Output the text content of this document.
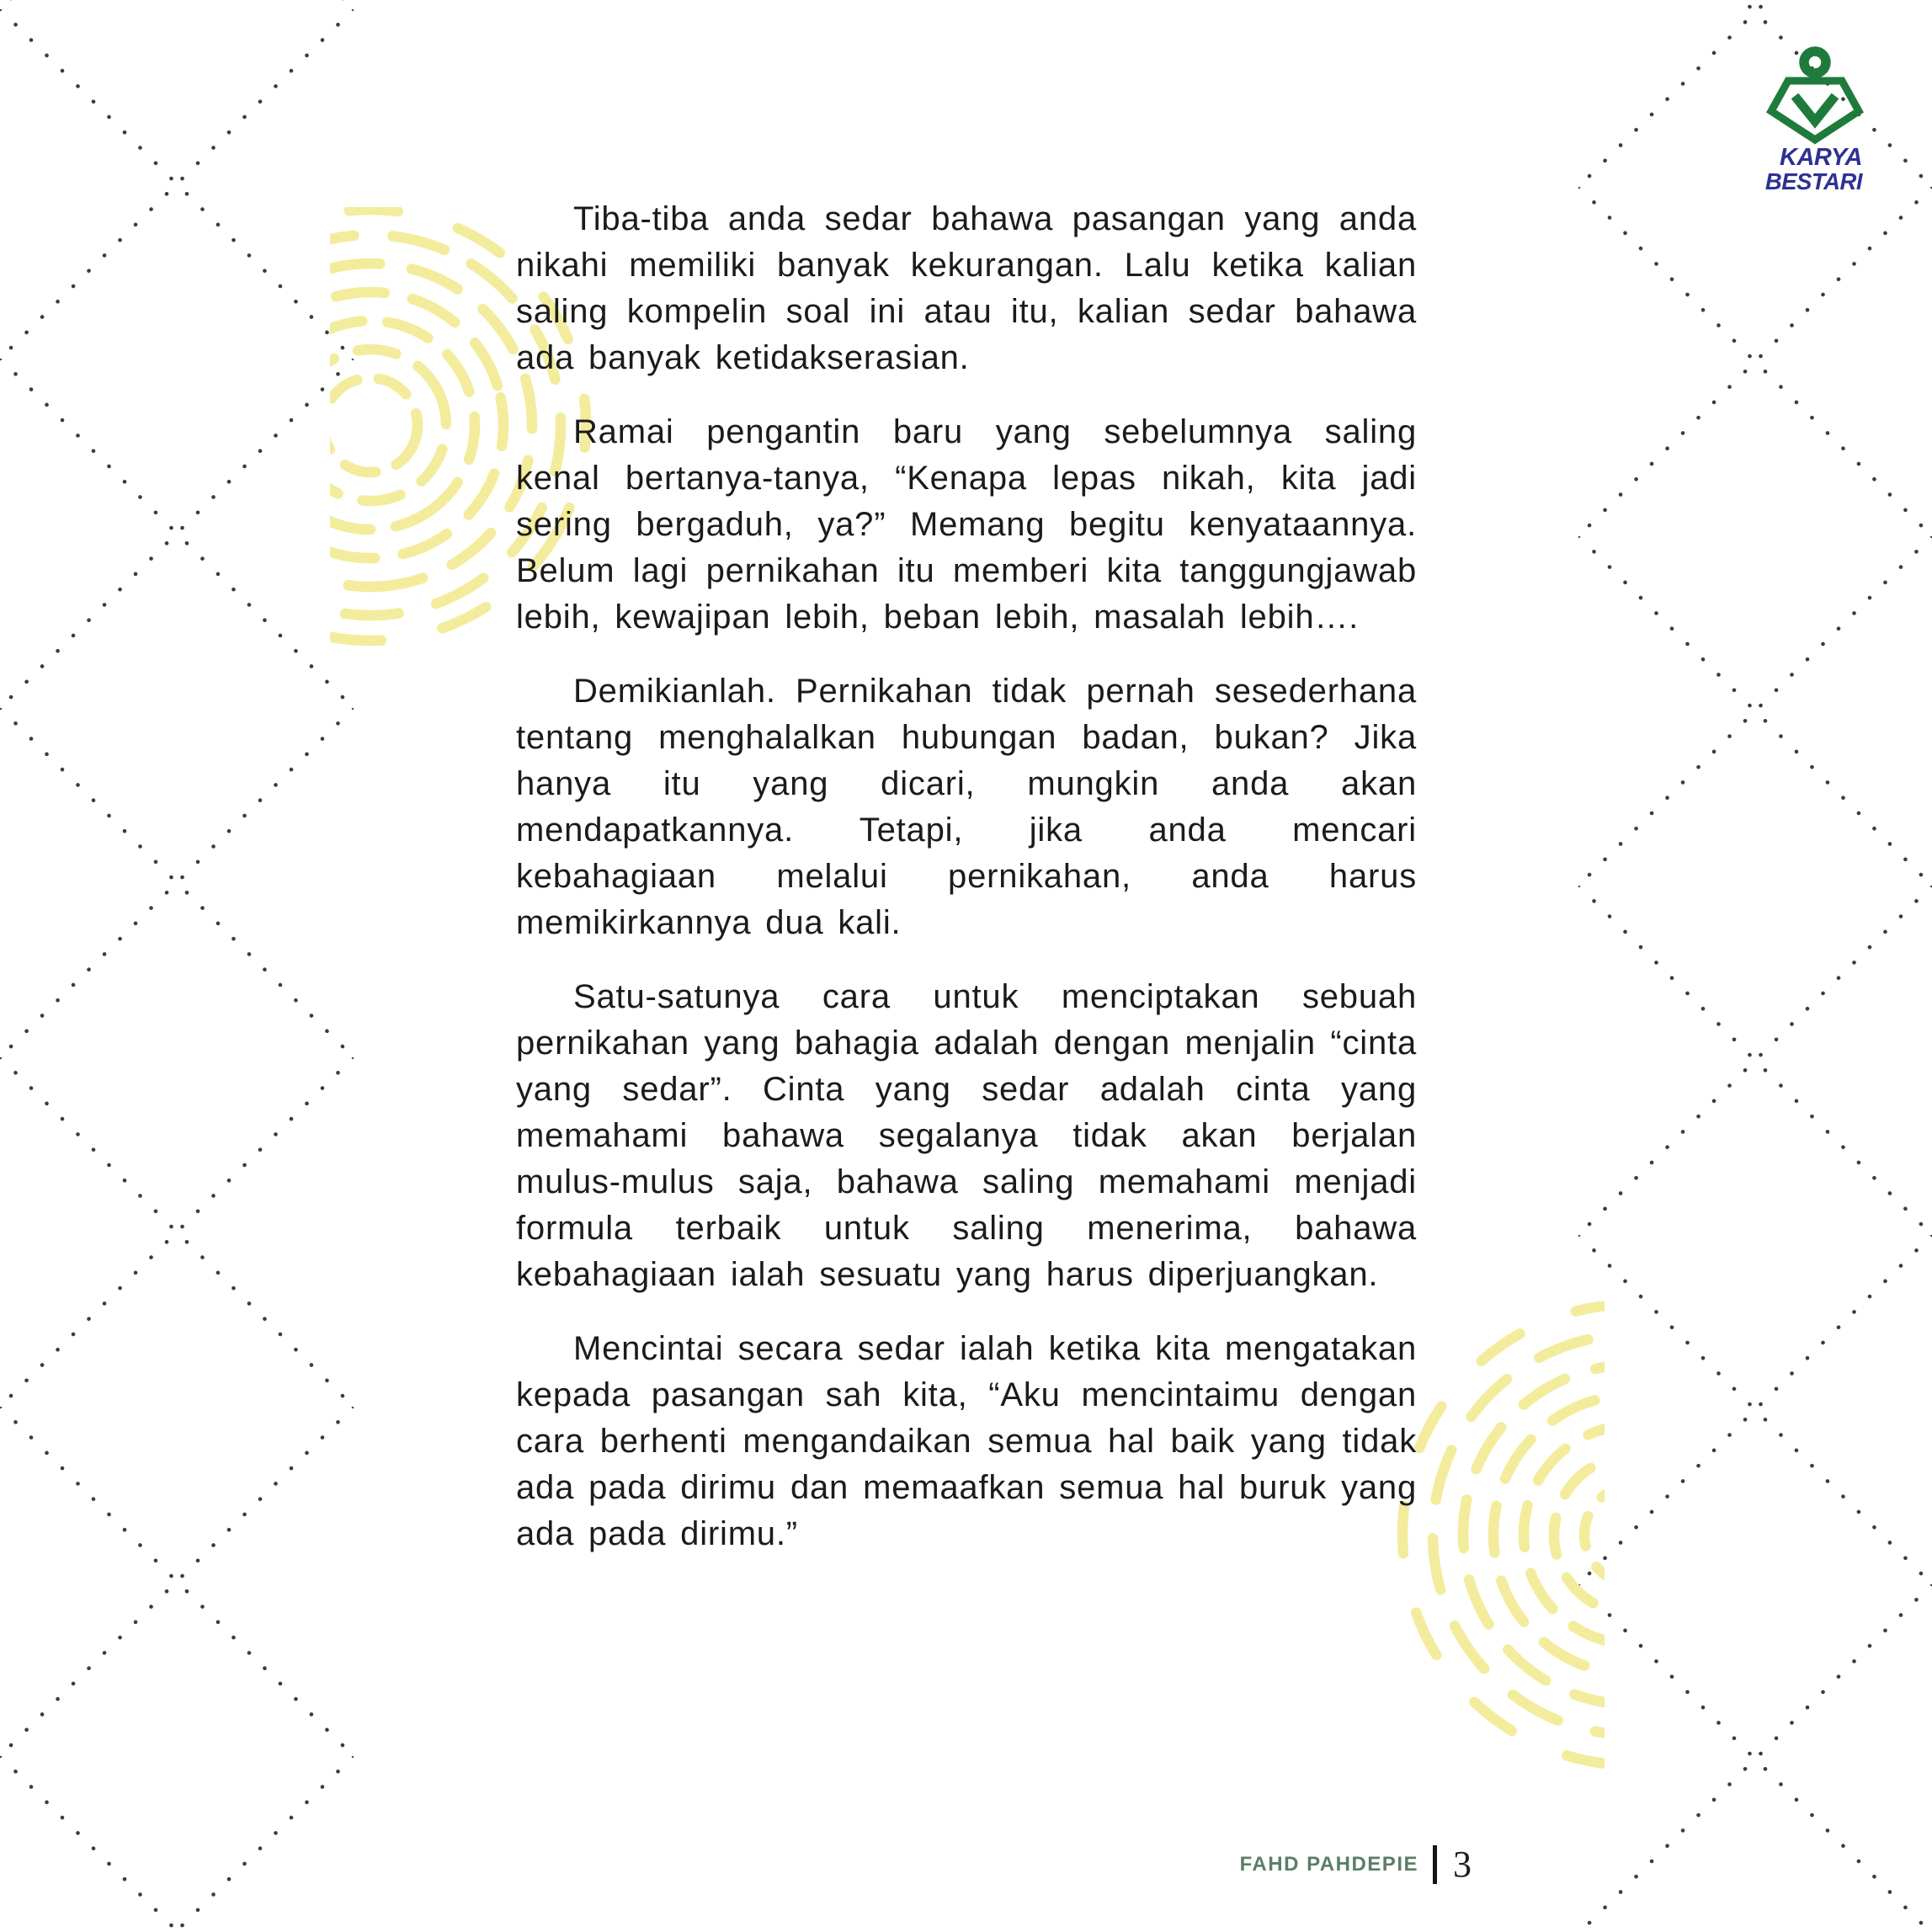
KARYA
BESTARI

Tiba-tiba anda sedar bahawa pasangan yang anda nikahi memiliki banyak kekurangan. Lalu ketika kalian saling kompelin soal ini atau itu, kalian sedar bahawa ada banyak ketidakserasian.

Ramai pengantin baru yang sebelumnya saling kenal bertanya-tanya, “Kenapa lepas nikah, kita jadi sering bergaduh, ya?” Memang begitu kenyataannya. Belum lagi pernikahan itu memberi kita tanggungjawab lebih, kewajipan lebih, beban lebih, masalah lebih….

Demikianlah. Pernikahan tidak pernah sesederhana tentang menghalalkan hubungan badan, bukan? Jika hanya itu yang dicari, mungkin anda akan mendapatkannya. Tetapi, jika anda mencari kebahagiaan melalui pernikahan, anda harus memikirkannya dua kali.

Satu-satunya cara untuk menciptakan sebuah pernikahan yang bahagia adalah dengan menjalin “cinta yang sedar”. Cinta yang sedar adalah cinta yang memahami bahawa segalanya tidak akan berjalan mulus-mulus saja, bahawa saling memahami menjadi formula terbaik untuk saling menerima, bahawa kebahagiaan ialah sesuatu yang harus diperjuangkan.

Mencintai secara sedar ialah ketika kita mengatakan kepada pasangan sah kita, “Aku mencintaimu dengan cara berhenti mengandaikan semua hal baik yang tidak ada pada dirimu dan memaafkan semua hal buruk yang ada pada dirimu.”

FAHD PAHDEPIE 3
